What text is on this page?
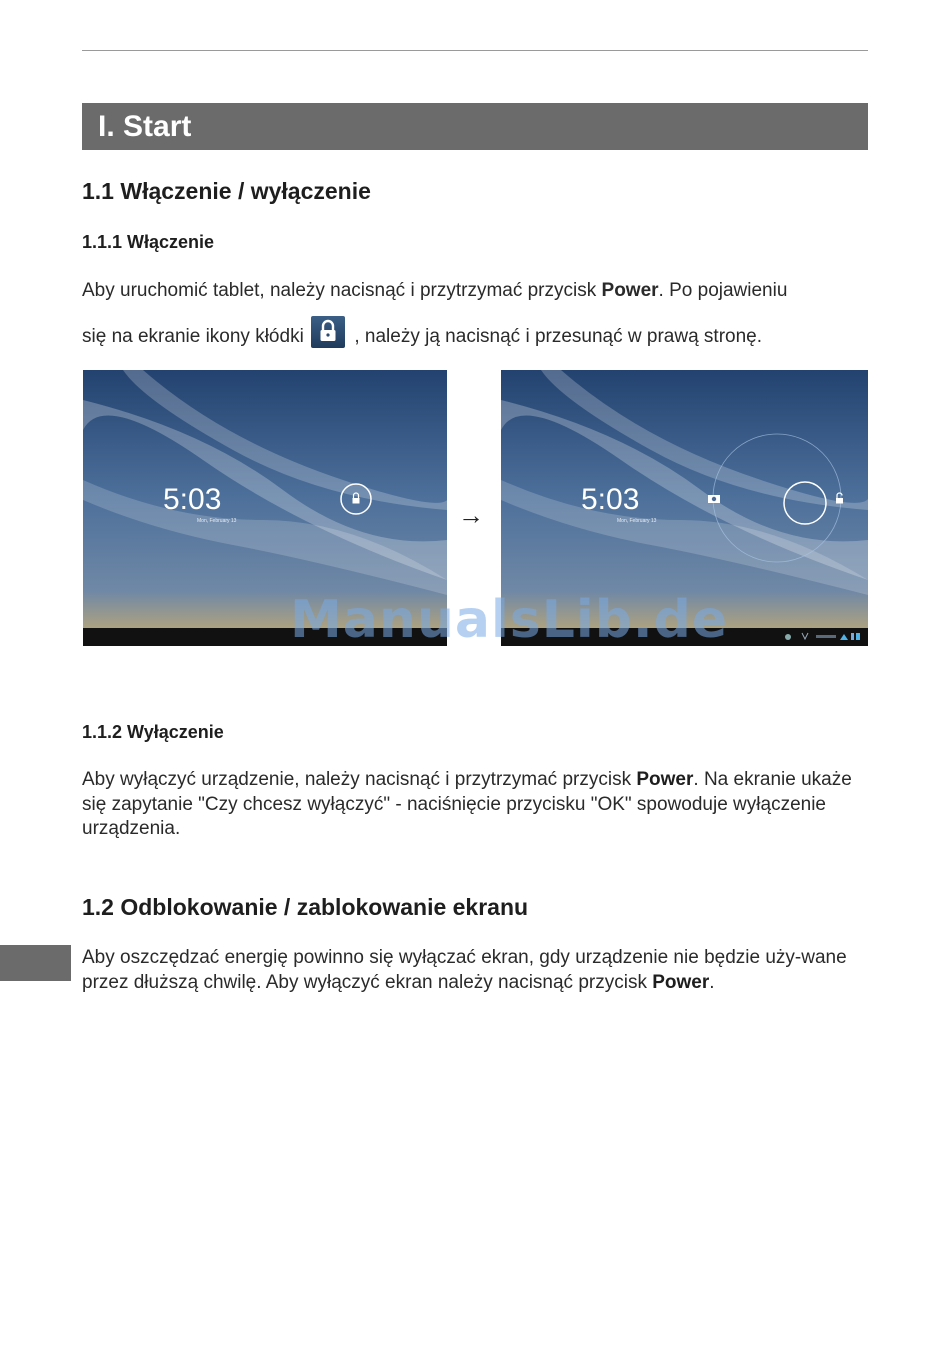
I. Start
1.1 Włączenie / wyłączenie
1.1.1 Włączenie
Aby uruchomić tablet, należy nacisnąć i przytrzymać przycisk Power. Po pojawieniu
się na ekranie ikony kłódki	, należy ją nacisnąć i przesunąć w prawą stronę.
5:03
Mon, February 13	→	5:03
Mon, February 13
ManualsLib.de
1.1.2 Wyłączenie
Aby wyłączyć urządzenie, należy nacisnąć i przytrzymać przycisk Power. Na ekranie ukaże się zapytanie "Czy chcesz wyłączyć" - naciśnięcie przycisku "OK" spowoduje wyłączenie urządzenia.
1.2 Odblokowanie / zablokowanie ekranu
Aby oszczędzać energię powinno się wyłączać ekran, gdy urządzenie nie będzie uży-wane przez dłuższą chwilę. Aby wyłączyć ekran należy nacisnąć przycisk Power.
